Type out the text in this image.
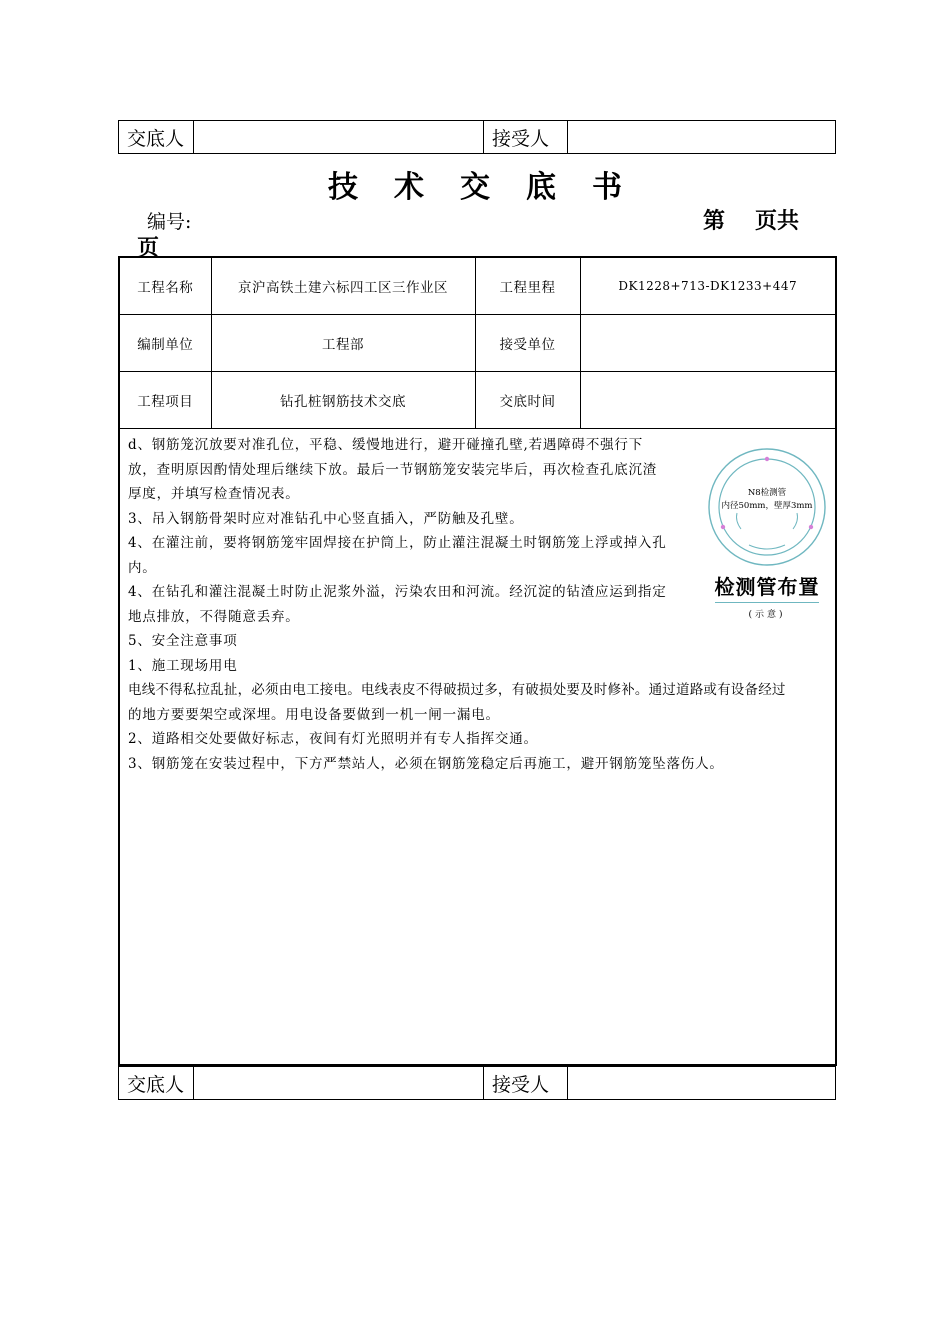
交底人	接受人
技术交底书
编号:	第 页共
页
工程名称	京沪高铁土建六标四工区三作业区	工程里程	DK1228+713-DK1233+447
编制单位	工程部	接受单位	
工程项目	钻孔桩钢筋技术交底	交底时间	

d、钢筋笼沉放要对准孔位，平稳、缓慢地进行，避开碰撞孔壁,若遇障碍不强行下

放，查明原因酌情处理后继续下放。最后一节钢筋笼安装完毕后，再次检查孔底沉渣

厚度，并填写检查情况表。

3、吊入钢筋骨架时应对准钻孔中心竖直插入，严防触及孔壁。

4、在灌注前，要将钢筋笼牢固焊接在护筒上，防止灌注混凝土时钢筋笼上浮或掉入孔

内。

4、在钻孔和灌注混凝土时防止泥浆外溢，污染农田和河流。经沉淀的钻渣应运到指定

地点排放，不得随意丢弃。

5、安全注意事项

1、施工现场用电

电线不得私拉乱扯，必须由电工接电。电线表皮不得破损过多，有破损处要及时修补。通过道路或有设备经过

的地方要要架空或深埋。用电设备要做到一机一闸一漏电。

2、道路相交处要做好标志，夜间有灯光照明并有专人指挥交通。

3、钢筋笼在安装过程中，下方严禁站人，必须在钢筋笼稳定后再施工，避开钢筋笼坠落伤人。

N8检测管
内径50mm，壁厚3mm
检测管布置
(示意)
交底人	接受人
